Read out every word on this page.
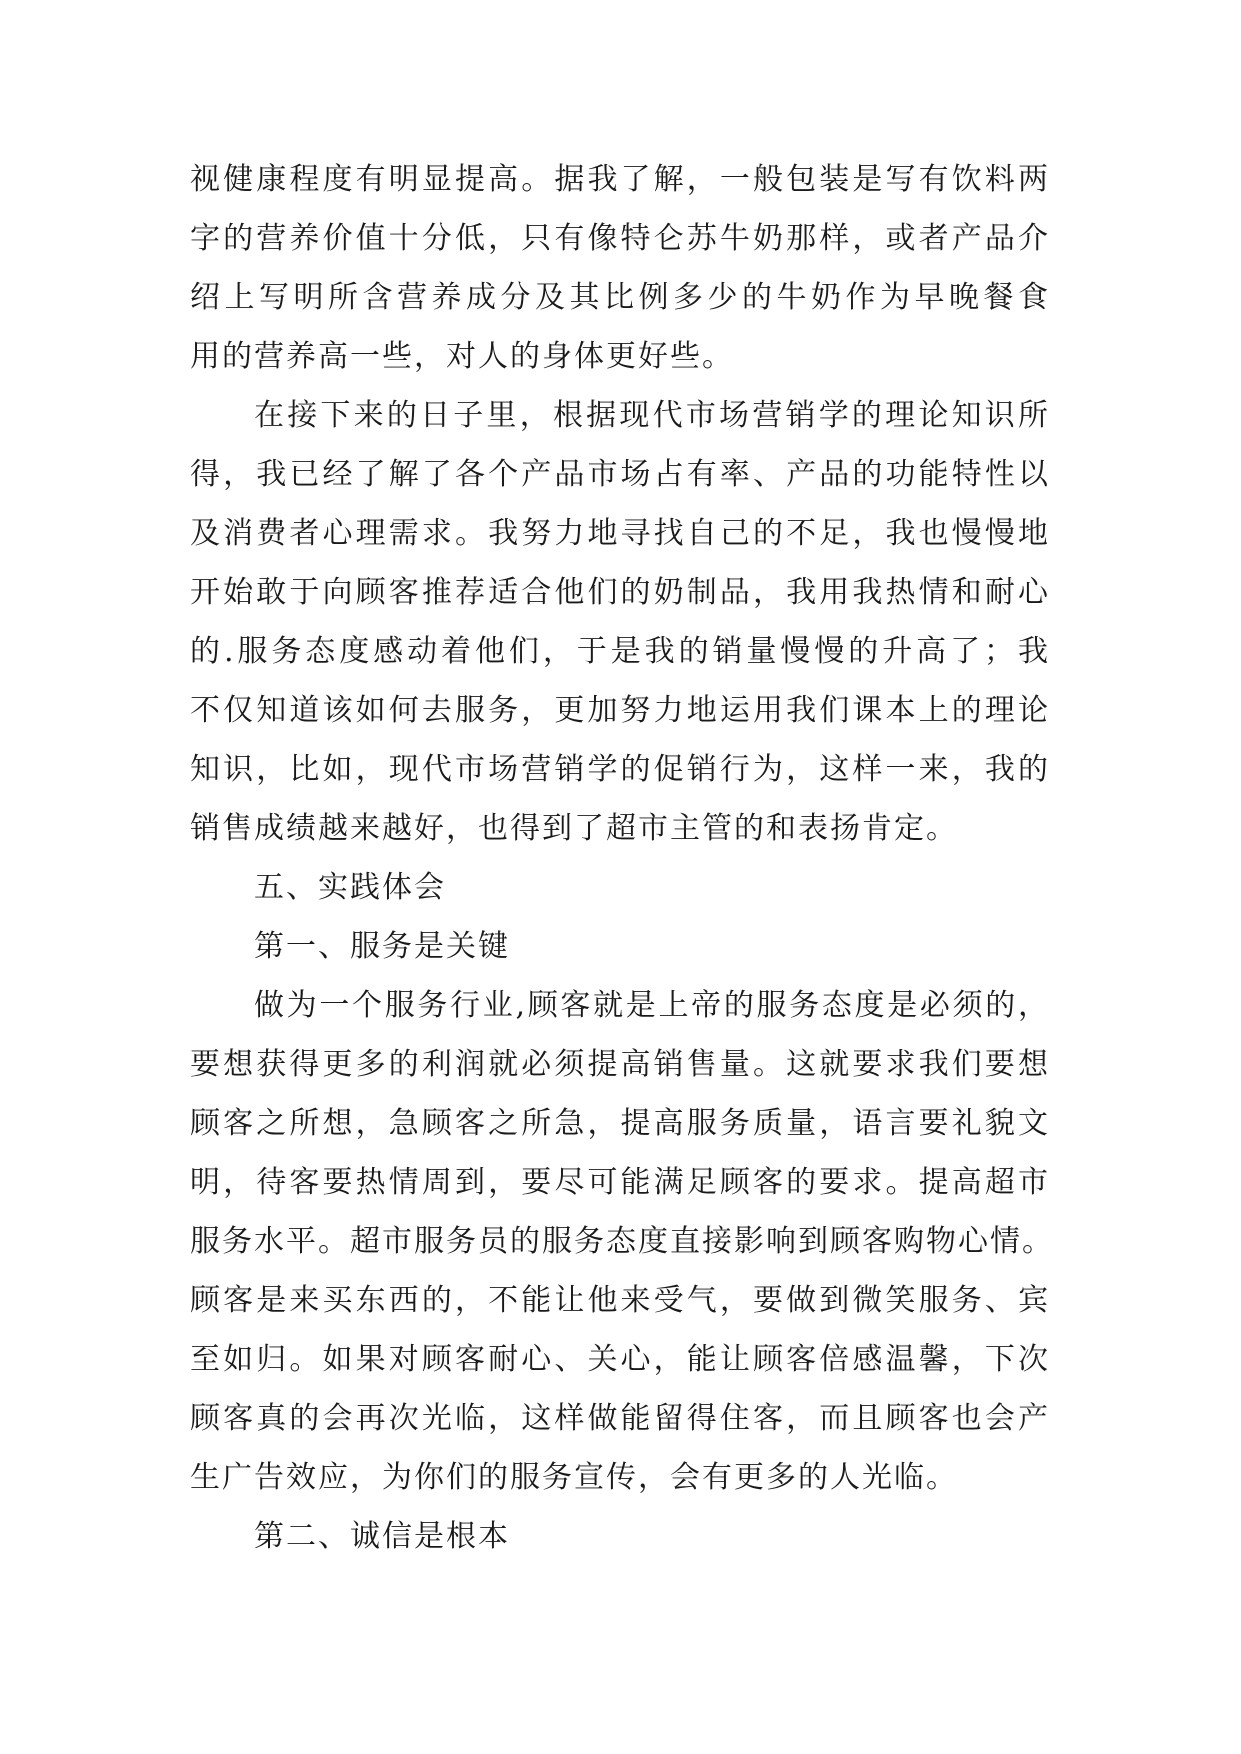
视健康程度有明显提高。据我了解，一般包装是写有饮料两
字的营养价值十分低，只有像特仑苏牛奶那样，或者产品介
绍上写明所含营养成分及其比例多少的牛奶作为早晚餐食
用的营养高一些，对人的身体更好些。
在接下来的日子里，根据现代市场营销学的理论知识所
得，我已经了解了各个产品市场占有率、产品的功能特性以
及消费者心理需求。我努力地寻找自己的不足，我也慢慢地
开始敢于向顾客推荐适合他们的奶制品，我用我热情和耐心
的.服务态度感动着他们，于是我的销量慢慢的升高了；我
不仅知道该如何去服务，更加努力地运用我们课本上的理论
知识，比如，现代市场营销学的促销行为，这样一来，我的
销售成绩越来越好，也得到了超市主管的和表扬肯定。
五、实践体会
第一、服务是关键
做为一个服务行业,顾客就是上帝的服务态度是必须的，
要想获得更多的利润就必须提高销售量。这就要求我们要想
顾客之所想，急顾客之所急，提高服务质量，语言要礼貌文
明，待客要热情周到，要尽可能满足顾客的要求。提高超市
服务水平。超市服务员的服务态度直接影响到顾客购物心情。
顾客是来买东西的，不能让他来受气，要做到微笑服务、宾
至如归。如果对顾客耐心、关心，能让顾客倍感温馨，下次
顾客真的会再次光临，这样做能留得住客，而且顾客也会产
生广告效应，为你们的服务宣传，会有更多的人光临。
第二、诚信是根本
